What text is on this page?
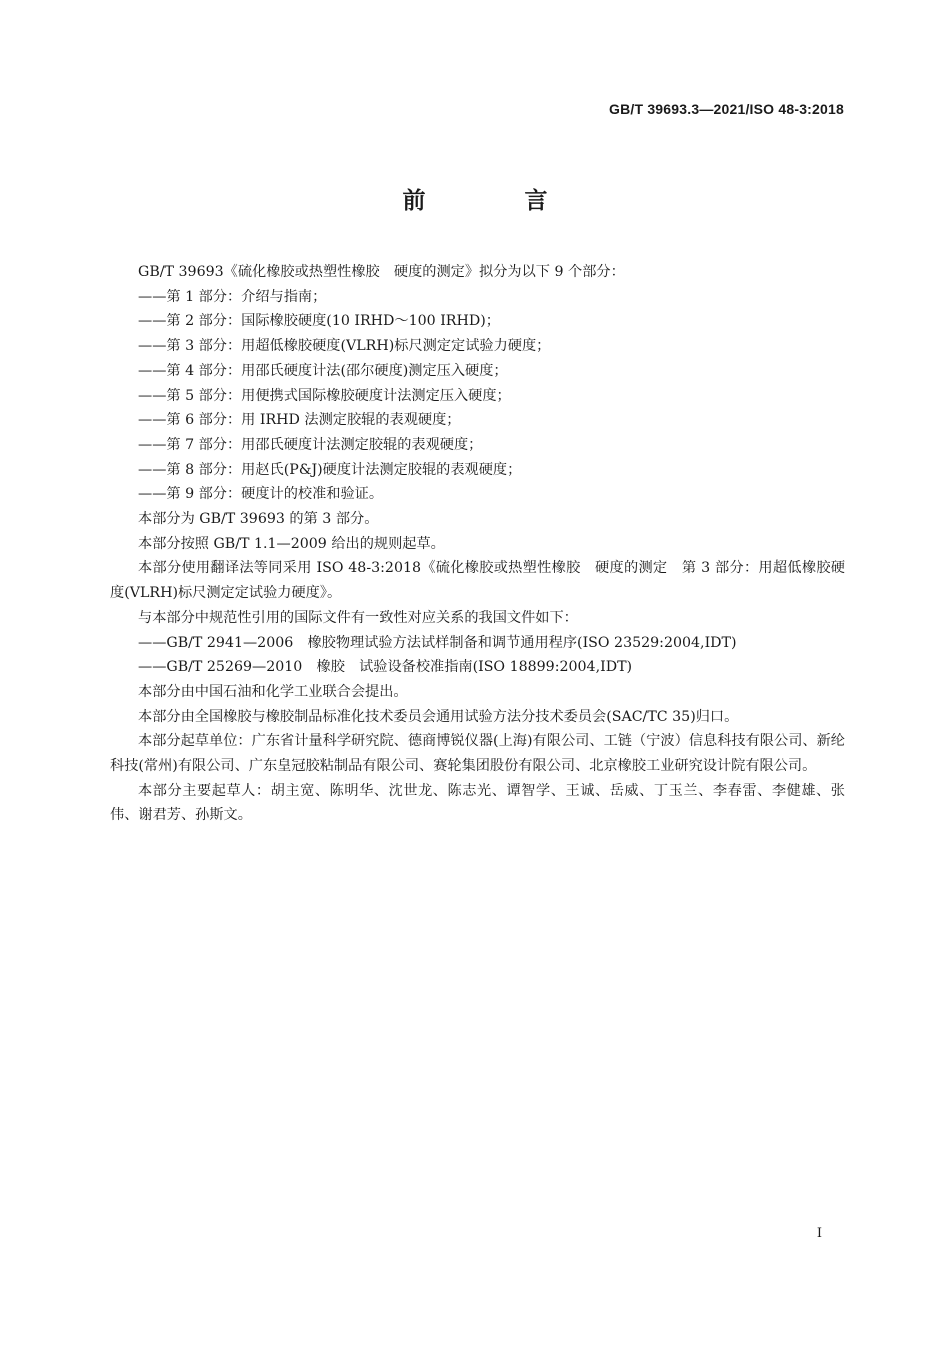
GB/T 39693.3—2021/ISO 48-3:2018
前　言

GB/T 39693《硫化橡胶或热塑性橡胶　硬度的测定》拟分为以下 9 个部分：

——第 1 部分：介绍与指南；

——第 2 部分：国际橡胶硬度(10 IRHD～100 IRHD)；

——第 3 部分：用超低橡胶硬度(VLRH)标尺测定定试验力硬度；

——第 4 部分：用邵氏硬度计法(邵尔硬度)测定压入硬度；

——第 5 部分：用便携式国际橡胶硬度计法测定压入硬度；

——第 6 部分：用 IRHD 法测定胶辊的表观硬度；

——第 7 部分：用邵氏硬度计法测定胶辊的表观硬度；

——第 8 部分：用赵氏(P&J)硬度计法测定胶辊的表观硬度；

——第 9 部分：硬度计的校准和验证。

本部分为 GB/T 39693 的第 3 部分。

本部分按照 GB/T 1.1—2009 给出的规则起草。

本部分使用翻译法等同采用 ISO 48-3:2018《硫化橡胶或热塑性橡胶　硬度的测定　第 3 部分：用超低橡胶硬度(VLRH)标尺测定定试验力硬度》。

与本部分中规范性引用的国际文件有一致性对应关系的我国文件如下：

——GB/T 2941—2006　橡胶物理试验方法试样制备和调节通用程序(ISO 23529:2004,IDT)

——GB/T 25269—2010　橡胶　试验设备校准指南(ISO 18899:2004,IDT)

本部分由中国石油和化学工业联合会提出。

本部分由全国橡胶与橡胶制品标准化技术委员会通用试验方法分技术委员会(SAC/TC 35)归口。

本部分起草单位：广东省计量科学研究院、德商博锐仪器(上海)有限公司、工链（宁波）信息科技有限公司、新纶科技(常州)有限公司、广东皇冠胶粘制品有限公司、赛轮集团股份有限公司、北京橡胶工业研究设计院有限公司。

本部分主要起草人：胡主宽、陈明华、沈世龙、陈志光、谭智学、王诚、岳威、丁玉兰、李春雷、李健雄、张伟、谢君芳、孙斯文。

I
